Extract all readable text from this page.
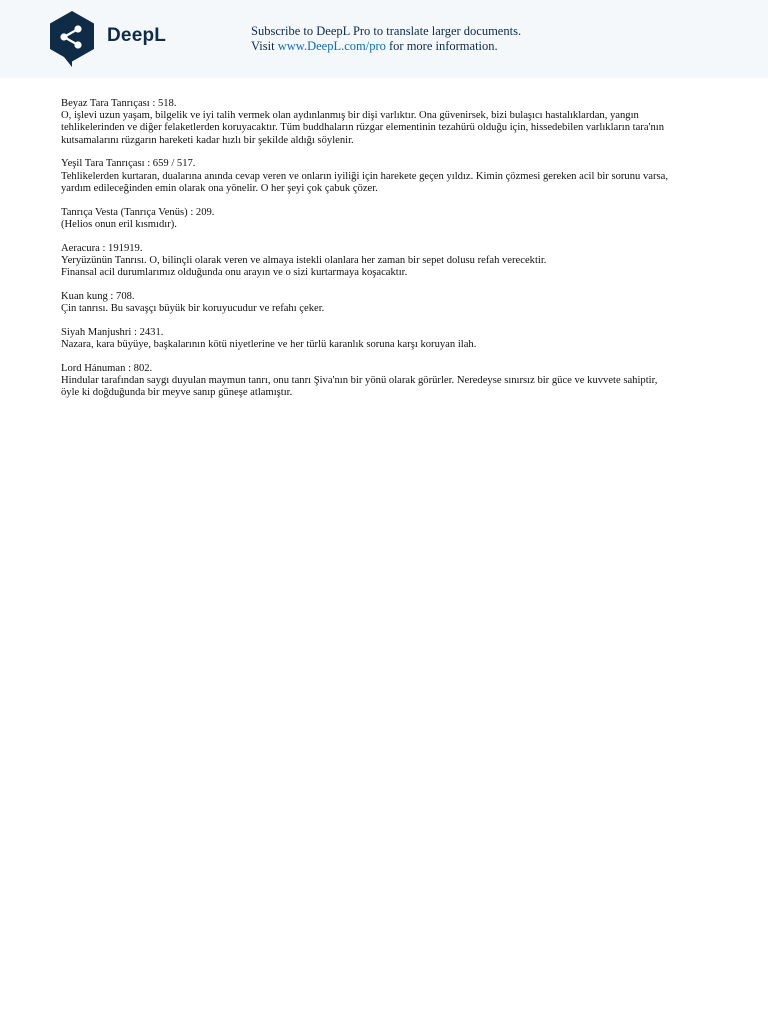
DeepL	Subscribe to DeepL Pro to translate larger documents.
Visit www.DeepL.com/pro for more information.
Beyaz Tara Tanrıçası : 518.
O, işlevi uzun yaşam, bilgelik ve iyi talih vermek olan aydınlanmış bir dişi varlıktır. Ona güvenirsek, bizi bulaşıcı hastalıklardan, yangın
tehlikelerinden ve diğer felaketlerden koruyacaktır. Tüm buddhaların rüzgar elementinin tezahürü olduğu için, hissedebilen varlıkların tara'nın
kutsamalarını rüzgarın hareketi kadar hızlı bir şekilde aldığı söylenir.
Yeşil Tara Tanrıçası : 659 / 517.
Tehlikelerden kurtaran, dualarına anında cevap veren ve onların iyiliği için harekete geçen yıldız. Kimin çözmesi gereken acil bir sorunu varsa,
yardım edileceğinden emin olarak ona yönelir. O her şeyi çok çabuk çözer.
Tanrıça Vesta (Tanrıça Venüs) : 209.
(Helios onun eril kısmıdır).
Aeracura : 191919.
Yeryüzünün Tanrısı. O, bilinçli olarak veren ve almaya istekli olanlara her zaman bir sepet dolusu refah verecektir.
Finansal acil durumlarımız olduğunda onu arayın ve o sizi kurtarmaya koşacaktır.
Kuan kung : 708.
Çin tanrısı. Bu savaşçı büyük bir koruyucudur ve refahı çeker.
Siyah Manjushri : 2431.
Nazara, kara büyüye, başkalarının kötü niyetlerine ve her türlü karanlık soruna karşı koruyan ilah.
Lord Hánuman : 802.
Hindular tarafından saygı duyulan maymun tanrı, onu tanrı Şiva'nın bir yönü olarak görürler. Neredeyse sınırsız bir güce ve kuvvete sahiptir,
öyle ki doğduğunda bir meyve sanıp güneşe atlamıştır.
